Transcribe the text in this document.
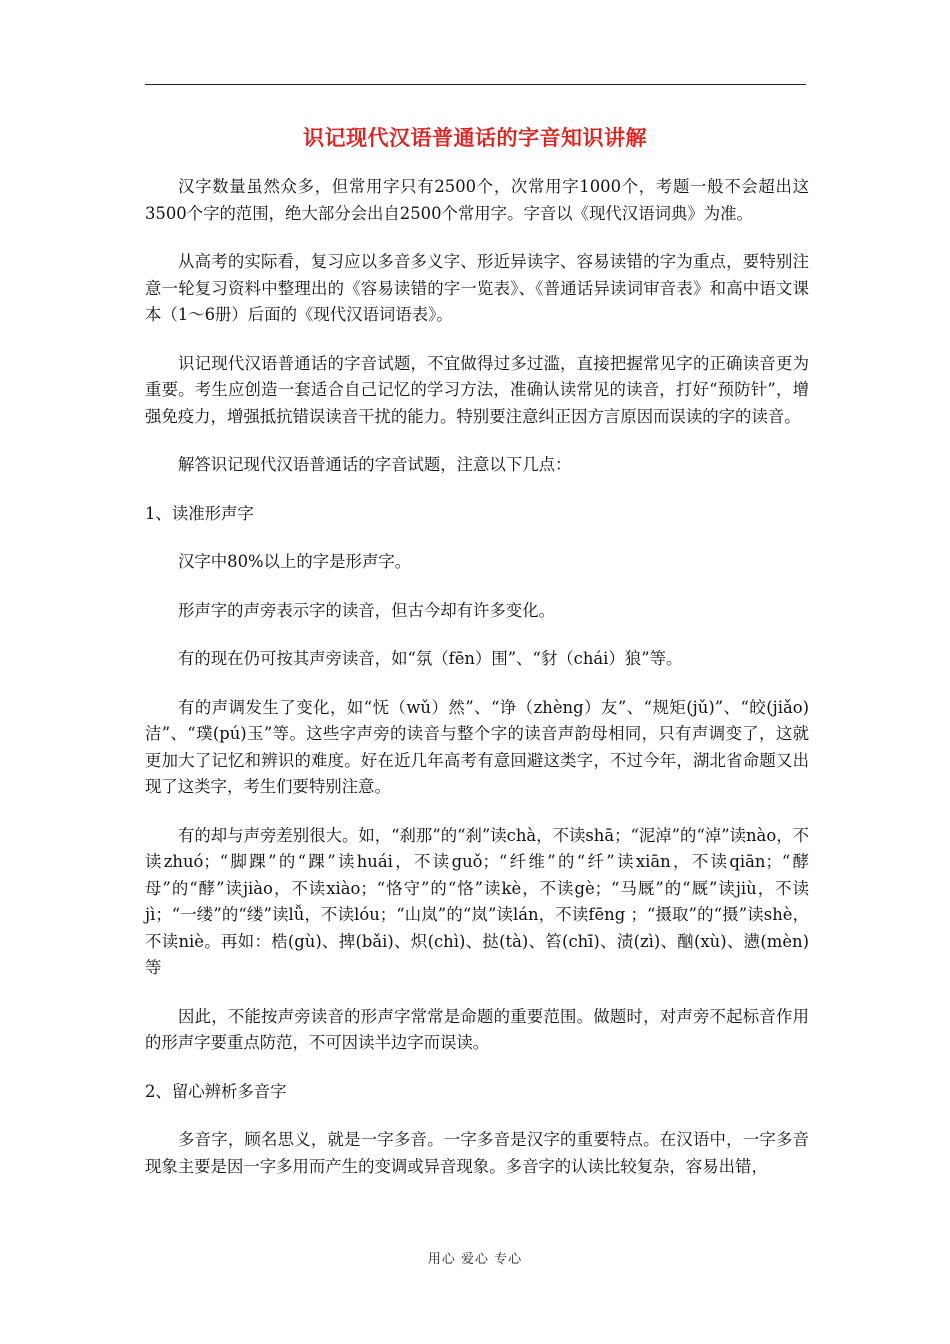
识记现代汉语普通话的字音知识讲解

汉字数量虽然众多，但常用字只有2500个，次常用字1000个，考题一般不会超出这3500个字的范围，绝大部分会出自2500个常用字。字音以《现代汉语词典》为准。

从高考的实际看，复习应以多音多义字、形近异读字、容易读错的字为重点，要特别注意一轮复习资料中整理出的《容易读错的字一览表》、《普通话异读词审音表》和高中语文课本（1～6册）后面的《现代汉语词语表》。

识记现代汉语普通话的字音试题，不宜做得过多过滥，直接把握常见字的正确读音更为重要。考生应创造一套适合自己记忆的学习方法，准确认读常见的读音，打好“预防针”，增强免疫力，增强抵抗错误读音干扰的能力。特别要注意纠正因方言原因而误读的字的读音。

解答识记现代汉语普通话的字音试题，注意以下几点：

1、读准形声字

汉字中80%以上的字是形声字。

形声字的声旁表示字的读音，但古今却有许多变化。

有的现在仍可按其声旁读音，如“氛（fēn）围”、“豺（chái）狼”等。

有的声调发生了变化，如“怃（wǔ）然”、“诤（zhèng）友”、“规矩(jǔ)”、“皎(jiǎo)洁”、“璞(pú)玉”等。这些字声旁的读音与整个字的读音声韵母相同，只有声调变了，这就更加大了记忆和辨识的难度。好在近几年高考有意回避这类字，不过今年，湖北省命题又出现了这类字，考生们要特别注意。

有的却与声旁差别很大。如，“刹那”的“刹”读chà，不读shā；“泥淖”的“淖”读nào，不读zhuó；“脚踝”的“踝”读huái，不读guǒ；“纤维”的“纤”读xiān，不读qiān；“酵母”的“酵”读jiào，不读xiào；“恪守”的“恪”读kè，不读gè；“马厩”的“厩”读jiù，不读jì；“一缕”的“缕”读lǚ，不读lóu；“山岚”的“岚”读lán，不读fēng ；“摄取”的“摄”读shè，不读niè。再如：梏(gù)、捭(bǎi)、炽(chì)、挞(tà)、笞(chī)、渍(zì)、酗(xù)、懑(mèn)等

因此，不能按声旁读音的形声字常常是命题的重要范围。做题时，对声旁不起标音作用的形声字要重点防范，不可因读半边字而误读。

2、留心辨析多音字

多音字，顾名思义，就是一字多音。一字多音是汉字的重要特点。在汉语中，一字多音现象主要是因一字多用而产生的变调或异音现象。多音字的认读比较复杂，容易出错，

用心 爱心 专心
